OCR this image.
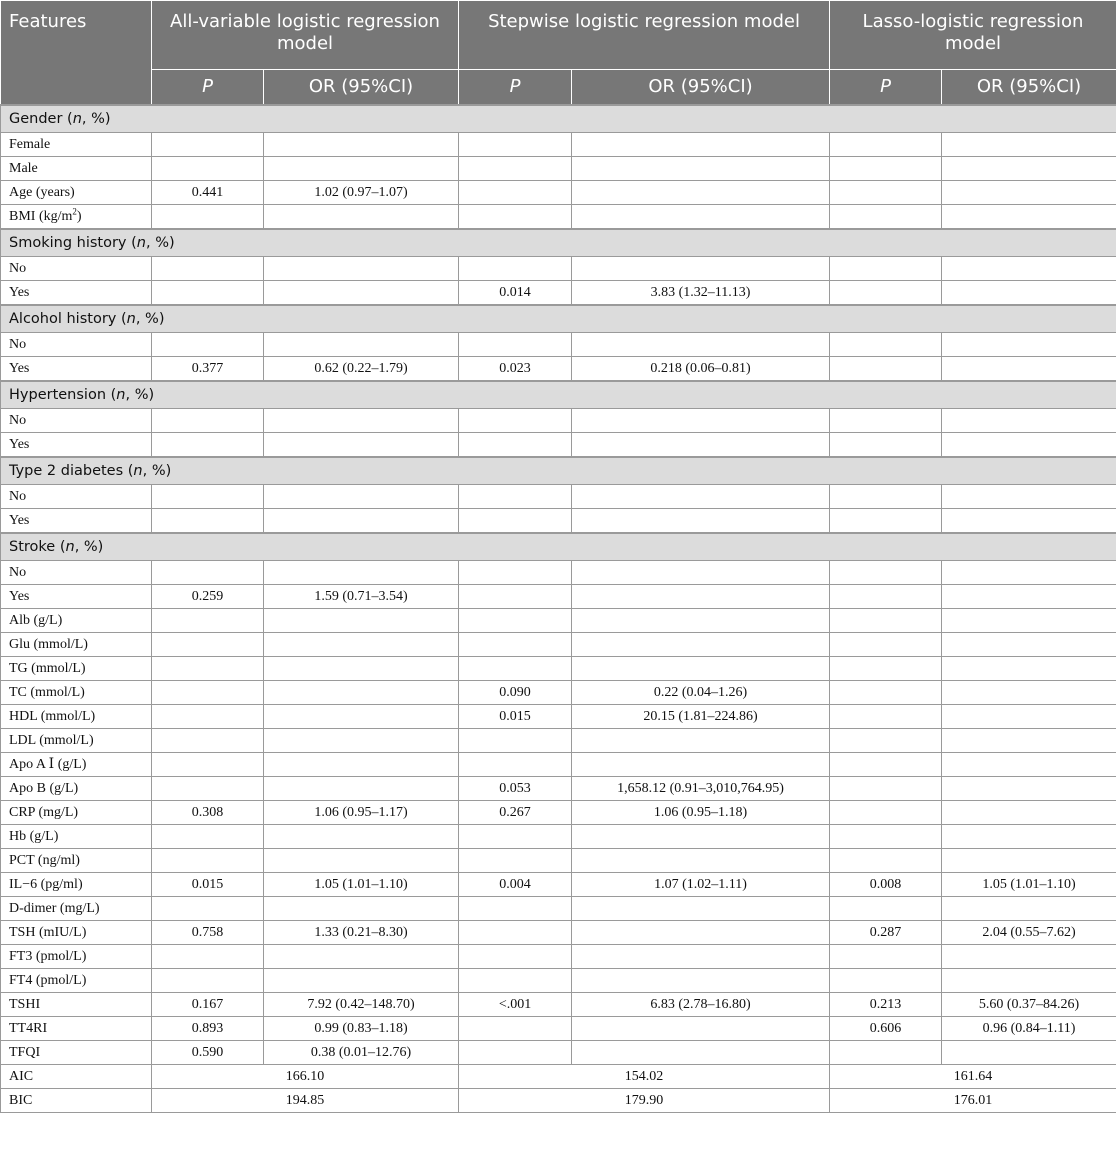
Features	All-variable logistic regression model		Stepwise logistic regression model		Lasso-logistic regression model	
	P	OR (95%CI)	P	OR (95%CI)	P	OR (95%CI)
Gender (n, %)						
Female						
Male						
Age (years)	0.441	1.02 (0.97–1.07)				
BMI $(kg/m^2)$						
Smoking history (n, %)						
No						
Yes			0.014	3.83 (1.32–11.13)		
Alcohol history (n, %)						
No						
Yes	0.377	0.62 (0.22–1.79)	0.023	0.218 (0.06–0.81)		
Hypertension (n, %)						
No						
Yes						
Type 2 diabetes (n, %)						
No						
Yes						
Stroke (n, %)						
No						
Yes	0.259	1.59 (0.71–3.54)				
Alb (g/L)						
Glu (mmol/L)						
TG (mmol/L)						
TC (mmol/L)			0.090	0.22 (0.04–1.26)		
HDL (mmol/L)			0.015	20.15 (1.81–224.86)		
LDL (mmol/L)						
Apo A Ⅰ (g/L)						
Apo B (g/L)			0.053	1,658.12 (0.91–3,010,764.95)		
CRP (mg/L)	0.308	1.06 (0.95–1.17)	0.267	1.06 (0.95–1.18)		
Hb (g/L)						
PCT (ng/ml)						
IL−6 (pg/ml)	0.015	1.05 (1.01–1.10)	0.004	1.07 (1.02–1.11)	0.008	1.05 (1.01–1.10)
D-dimer (mg/L)						
TSH (mIU/L)	0.758	1.33 (0.21–8.30)			0.287	2.04 (0.55–7.62)
FT3 (pmol/L)						
FT4 (pmol/L)						
TSHI	0.167	7.92 (0.42–148.70)	<.001	6.83 (2.78–16.80)	0.213	5.60 (0.37–84.26)
TT4RI	0.893	0.99 (0.83–1.18)			0.606	0.96 (0.84–1.11)
TFQI	0.590	0.38 (0.01–12.76)				
AIC	166.10		154.02		161.64	
BIC	194.85		179.90		176.01	
